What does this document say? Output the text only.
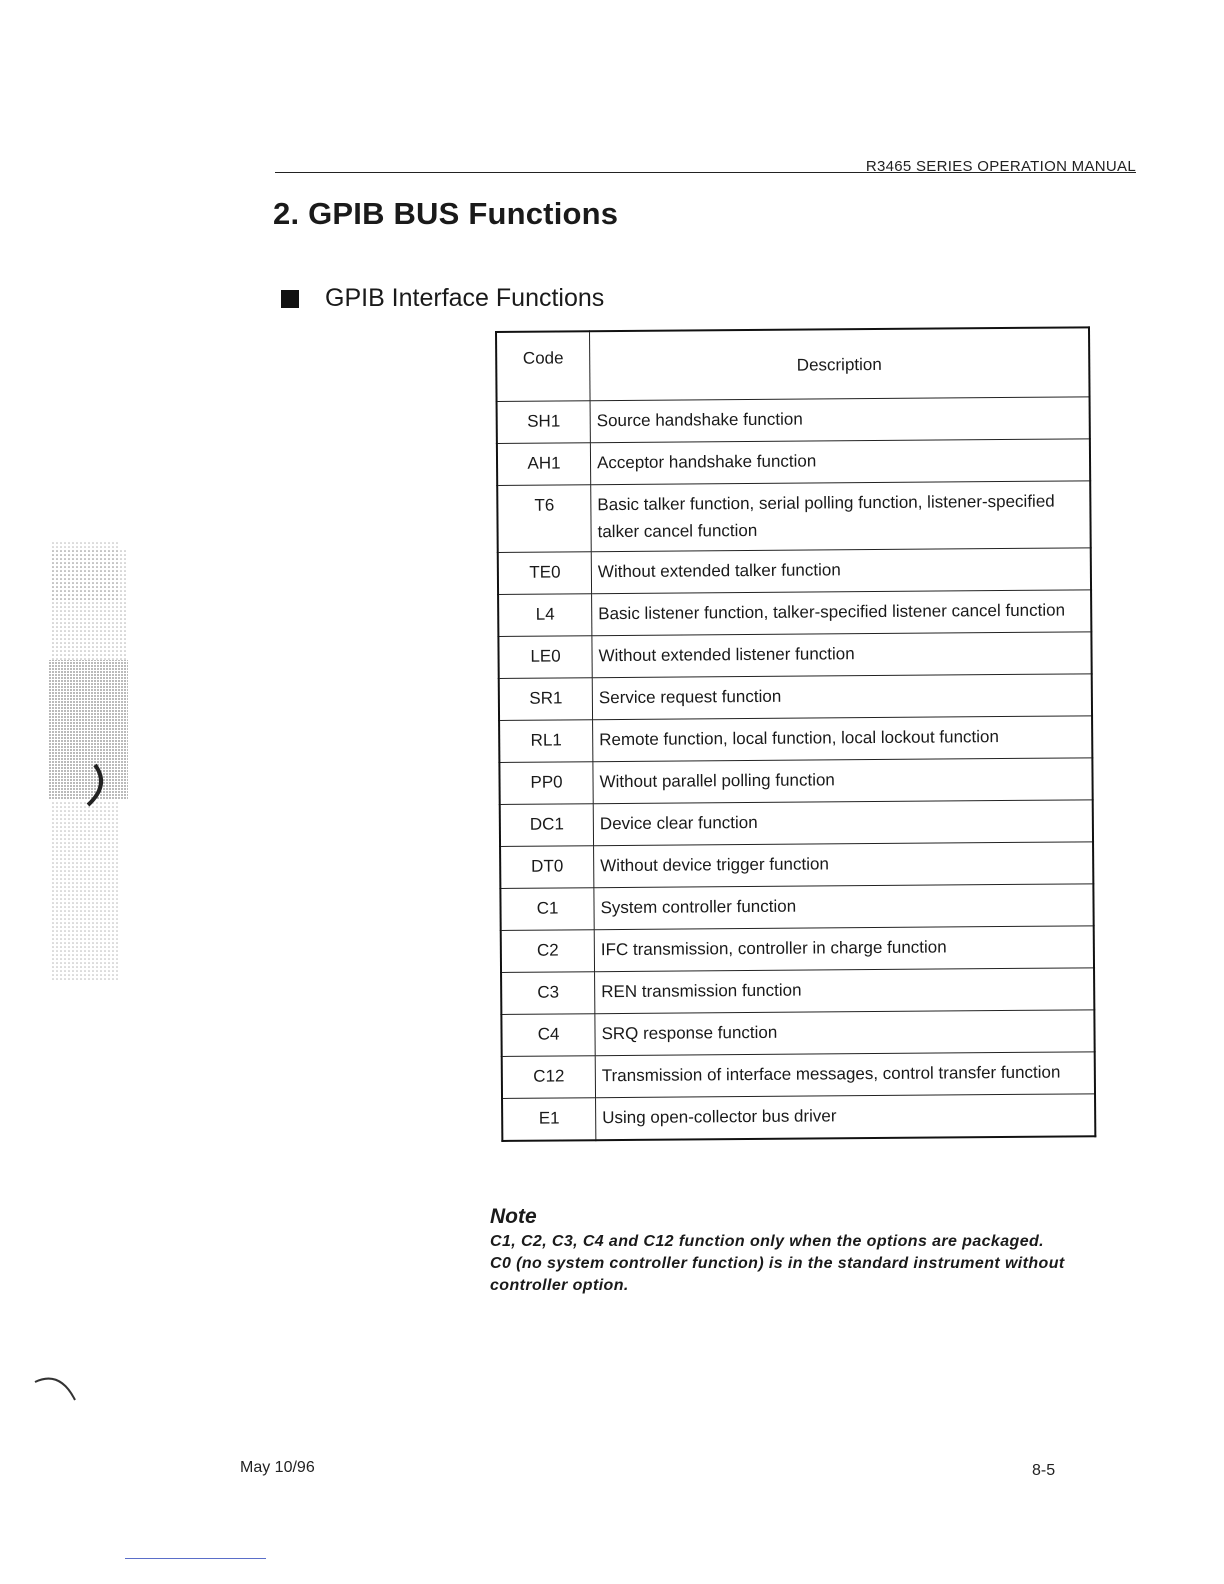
R3465 SERIES OPERATION MANUAL
2. GPIB BUS Functions
GPIB Interface Functions
Code	Description
SH1	Source handshake function
AH1	Acceptor handshake function
T6	Basic talker function, serial polling function, listener-specified talker cancel function
TE0	Without extended talker function
L4	Basic listener function, talker-specified listener cancel function
LE0	Without extended listener function
SR1	Service request function
RL1	Remote function, local function, local lockout function
PP0	Without parallel polling function
DC1	Device clear function
DT0	Without device trigger function
C1	System controller function
C2	IFC transmission, controller in charge function
C3	REN transmission function
C4	SRQ response function
C12	Transmission of interface messages, control transfer function
E1	Using open-collector bus driver

Note

C1, C2, C3, C4 and C12 function only when the options are packaged.

C0 (no system controller function) is in the standard instrument without controller option.

May 10/96	8-5
